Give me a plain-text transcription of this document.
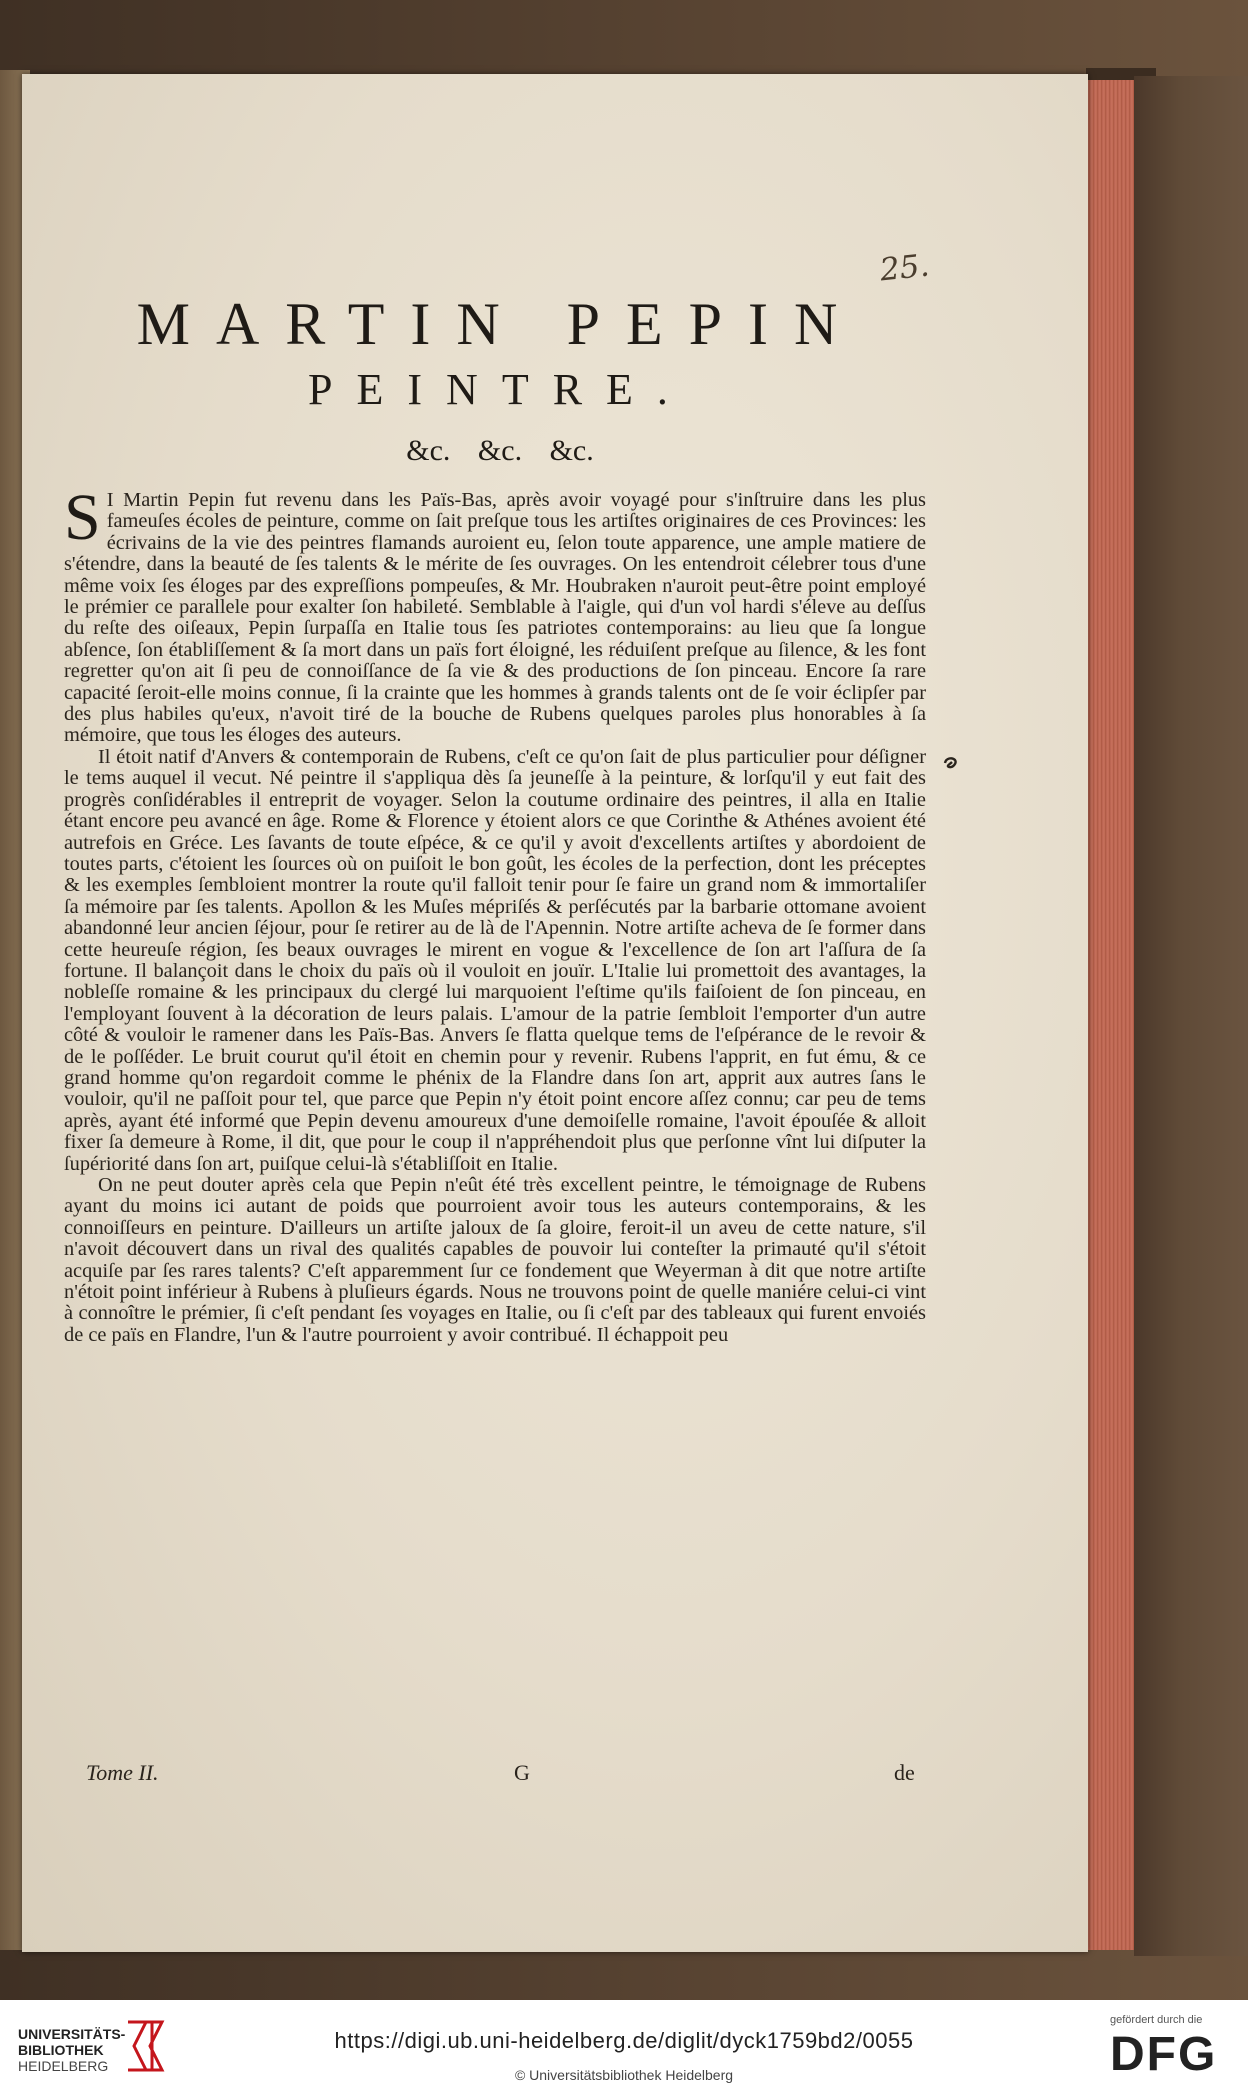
25.
MARTIN PEPIN
PEINTRE.
&c. &c. &c.

S I Martin Pepin fut revenu dans les Païs-Bas, après avoir voyagé pour s'inſtruire dans les plus fameuſes écoles de peinture, comme on ſait preſque tous les artiſtes originaires de ces Provinces: les écrivains de la vie des peintres flamands auroient eu, ſelon toute apparence, une ample matiere de s'étendre, dans la beauté de ſes talents & le mérite de ſes ouvrages. On les entendroit célebrer tous d'une même voix ſes éloges par des expreſſions pompeuſes, & Mr. Houbraken n'auroit peut-être point employé le prémier ce parallele pour exalter ſon habileté. Semblable à l'aigle, qui d'un vol hardi s'éleve au deſſus du reſte des oiſeaux, Pepin ſurpaſſa en Italie tous ſes patriotes contemporains: au lieu que ſa longue abſence, ſon établiſſement & ſa mort dans un païs fort éloigné, les réduiſent preſque au ſilence, & les font regretter qu'on ait ſi peu de connoiſſance de ſa vie & des productions de ſon pinceau. Encore ſa rare capacité ſeroit-elle moins connue, ſi la crainte que les hommes à grands talents ont de ſe voir éclipſer par des plus habiles qu'eux, n'avoit tiré de la bouche de Rubens quelques paroles plus honorables à ſa mémoire, que tous les éloges des auteurs.

Il étoit natif d'Anvers & contemporain de Rubens, c'eſt ce qu'on ſait de plus particulier pour déſigner le tems auquel il vecut. Né peintre il s'appliqua dès ſa jeuneſſe à la peinture, & lorſqu'il y eut fait des progrès conſidérables il entreprit de voyager. Selon la coutume ordinaire des peintres, il alla en Italie étant encore peu avancé en âge. Rome & Florence y étoient alors ce que Corinthe & Athénes avoient été autrefois en Gréce. Les ſavants de toute eſpéce, & ce qu'il y avoit d'excellents artiſtes y abordoient de toutes parts, c'étoient les ſources où on puiſoit le bon goût, les écoles de la perfection, dont les préceptes & les exemples ſembloient montrer la route qu'il falloit tenir pour ſe faire un grand nom & immortaliſer ſa mémoire par ſes talents. Apollon & les Muſes mépriſés & perſécutés par la barbarie ottomane avoient abandonné leur ancien ſéjour, pour ſe retirer au de là de l'Apennin. Notre artiſte acheva de ſe former dans cette heureuſe région, ſes beaux ouvrages le mirent en vogue & l'excellence de ſon art l'aſſura de ſa fortune. Il balançoit dans le choix du païs où il vouloit en jouïr. L'Italie lui promettoit des avantages, la nobleſſe romaine & les principaux du clergé lui marquoient l'eſtime qu'ils faiſoient de ſon pinceau, en l'employant ſouvent à la décoration de leurs palais. L'amour de la patrie ſembloit l'emporter d'un autre côté & vouloir le ramener dans les Païs-Bas. Anvers ſe flatta quelque tems de l'eſpérance de le revoir & de le poſſéder. Le bruit courut qu'il étoit en chemin pour y revenir. Rubens l'apprit, en fut ému, & ce grand homme qu'on regardoit comme le phénix de la Flandre dans ſon art, apprit aux autres ſans le vouloir, qu'il ne paſſoit pour tel, que parce que Pepin n'y étoit point encore aſſez connu; car peu de tems après, ayant été informé que Pepin devenu amoureux d'une demoiſelle romaine, l'avoit épouſée & alloit fixer ſa demeure à Rome, il dit, que pour le coup il n'appréhendoit plus que perſonne vînt lui diſputer la ſupériorité dans ſon art, puiſque celui-là s'établiſſoit en Italie.

On ne peut douter après cela que Pepin n'eût été très excellent peintre, le témoignage de Rubens ayant du moins ici autant de poids que pourroient avoir tous les auteurs contemporains, & les connoiſſeurs en peinture. D'ailleurs un artiſte jaloux de ſa gloire, feroit-il un aveu de cette nature, s'il n'avoit découvert dans un rival des qualités capables de pouvoir lui conteſter la primauté qu'il s'étoit acquiſe par ſes rares talents? C'eſt apparemment ſur ce fondement que Weyerman à dit que notre artiſte n'étoit point inférieur à Rubens à pluſieurs égards. Nous ne trouvons point de quelle maniére celui-ci vint à connoître le prémier, ſi c'eſt pendant ſes voyages en Italie, ou ſi c'eſt par des tableaux qui furent envoiés de ce païs en Flandre, l'un & l'autre pourroient y avoir contribué. Il échappoit peu

Tome II.	G	de
UNIVERSITÄTS-
BIBLIOTHEK
HEIDELBERG
https://digi.ub.uni-heidelberg.de/diglit/dyck1759bd2/0055
© Universitätsbibliothek Heidelberg
gefördert durch die
DFG
